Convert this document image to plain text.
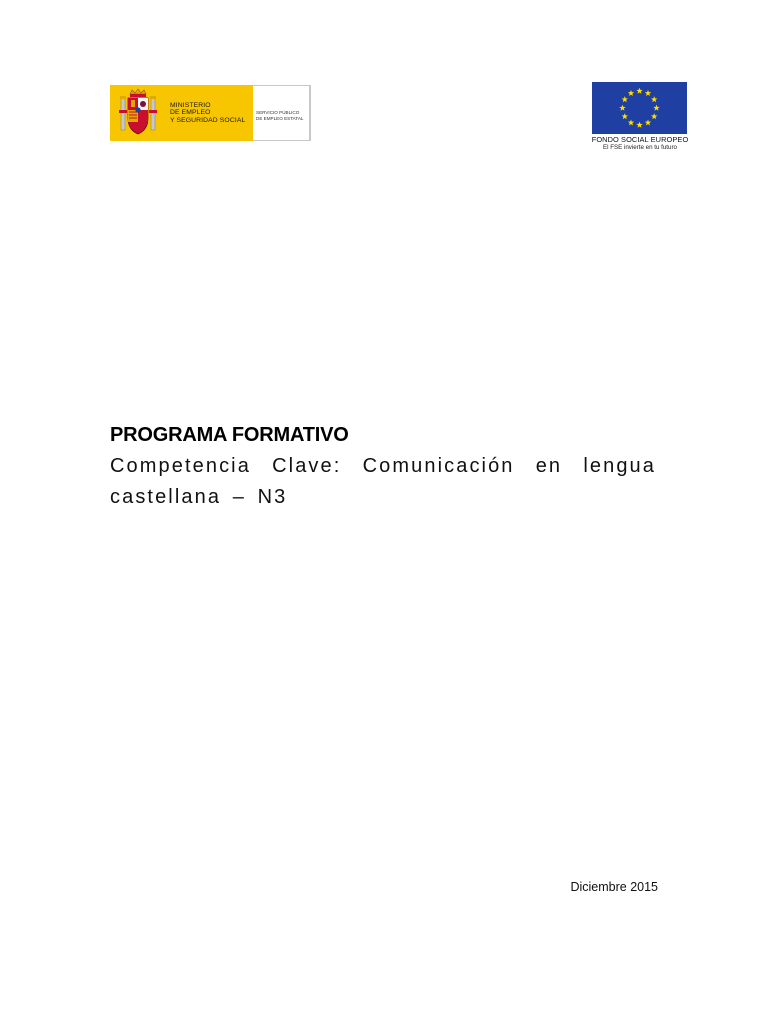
MINISTERIO
DE EMPLEO
Y SEGURIDAD SOCIAL
SERVICIO PÚBLICO
DE EMPLEO ESTATAL
FONDO SOCIAL EUROPEO
El FSE invierte en tu futuro
PROGRAMA FORMATIVO

Competencia Clave: Comunicación en lengua castellana – N3

Diciembre 2015
